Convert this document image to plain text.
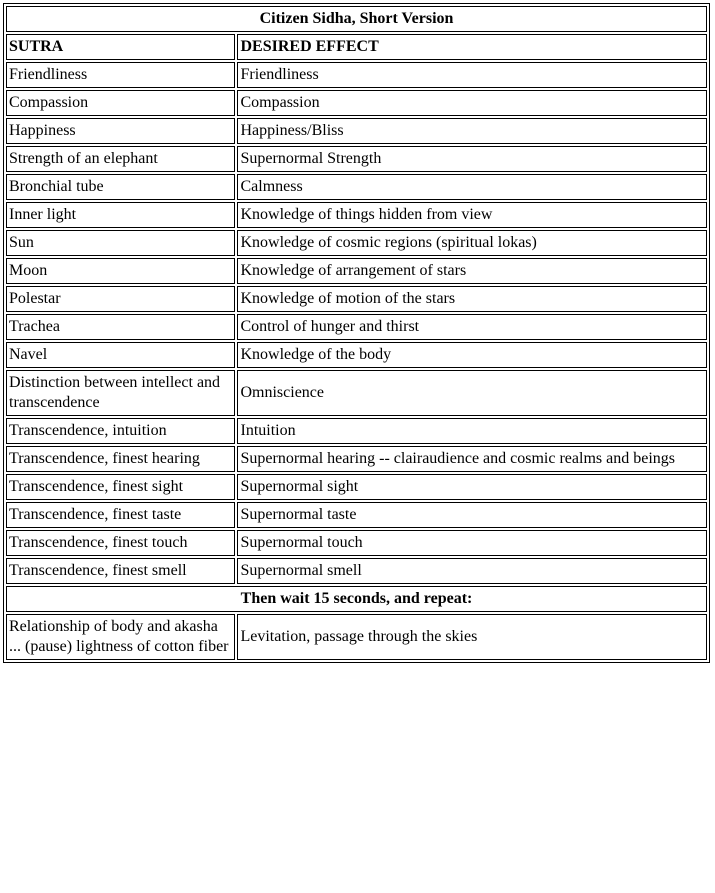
Citizen Sidha, Short Version	
SUTRA	DESIRED EFFECT
Friendliness	Friendliness
Compassion	Compassion
Happiness	Happiness/Bliss
Strength of an elephant	Supernormal Strength
Bronchial tube	Calmness
Inner light	Knowledge of things hidden from view
Sun	Knowledge of cosmic regions (spiritual lokas)
Moon	Knowledge of arrangement of stars
Polestar	Knowledge of motion of the stars
Trachea	Control of hunger and thirst
Navel	Knowledge of the body
Distinction between intellect and transcendence	Omniscience
Transcendence, intuition	Intuition
Transcendence, finest hearing	Supernormal hearing -- clairaudience and cosmic realms and beings
Transcendence, finest sight	Supernormal sight
Transcendence, finest taste	Supernormal taste
Transcendence, finest touch	Supernormal touch
Transcendence, finest smell	Supernormal smell
Then wait 15 seconds, and repeat:	
Relationship of body and akasha ... (pause) lightness of cotton fiber	Levitation, passage through the skies
